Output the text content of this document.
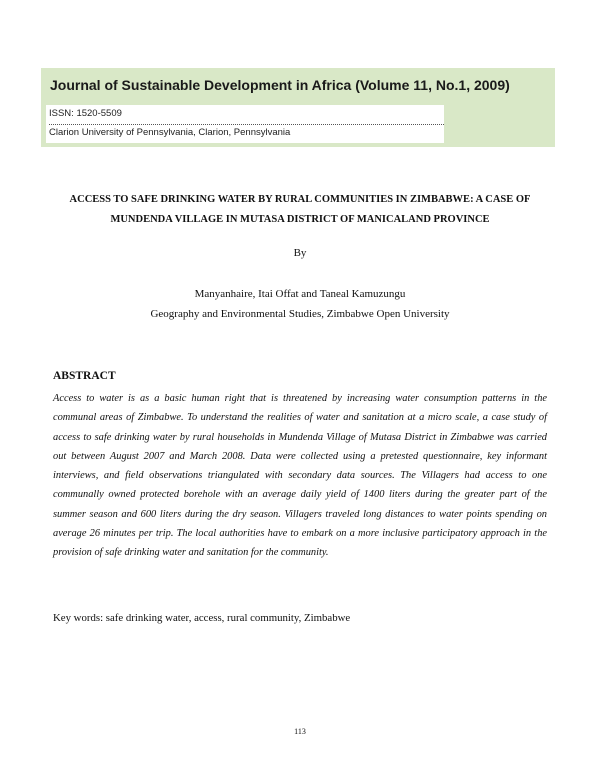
Journal of Sustainable Development in Africa (Volume 11, No.1, 2009)
ISSN: 1520-5509
Clarion University of Pennsylvania, Clarion, Pennsylvania
ACCESS TO SAFE DRINKING WATER BY RURAL COMMUNITIES IN ZIMBABWE: A CASE OF MUNDENDA VILLAGE IN MUTASA DISTRICT OF MANICALAND PROVINCE
By
Manyanhaire, Itai Offat and Taneal Kamuzungu
Geography and Environmental Studies, Zimbabwe Open University
ABSTRACT

Access to water is as a basic human right that is threatened by increasing water consumption patterns in the communal areas of Zimbabwe. To understand the realities of water and sanitation at a micro scale, a case study of access to safe drinking water by rural households in Mundenda Village of Mutasa District in Zimbabwe was carried out between August 2007 and March 2008. Data were collected using a pretested questionnaire, key informant interviews, and field observations triangulated with secondary data sources. The Villagers had access to one communally owned protected borehole with an average daily yield of 1400 liters during the greater part of the summer season and 600 liters during the dry season. Villagers traveled long distances to water points spending on average 26 minutes per trip. The local authorities have to embark on a more inclusive participatory approach in the provision of safe drinking water and sanitation for the community.

Key words: safe drinking water, access, rural community, Zimbabwe
113
